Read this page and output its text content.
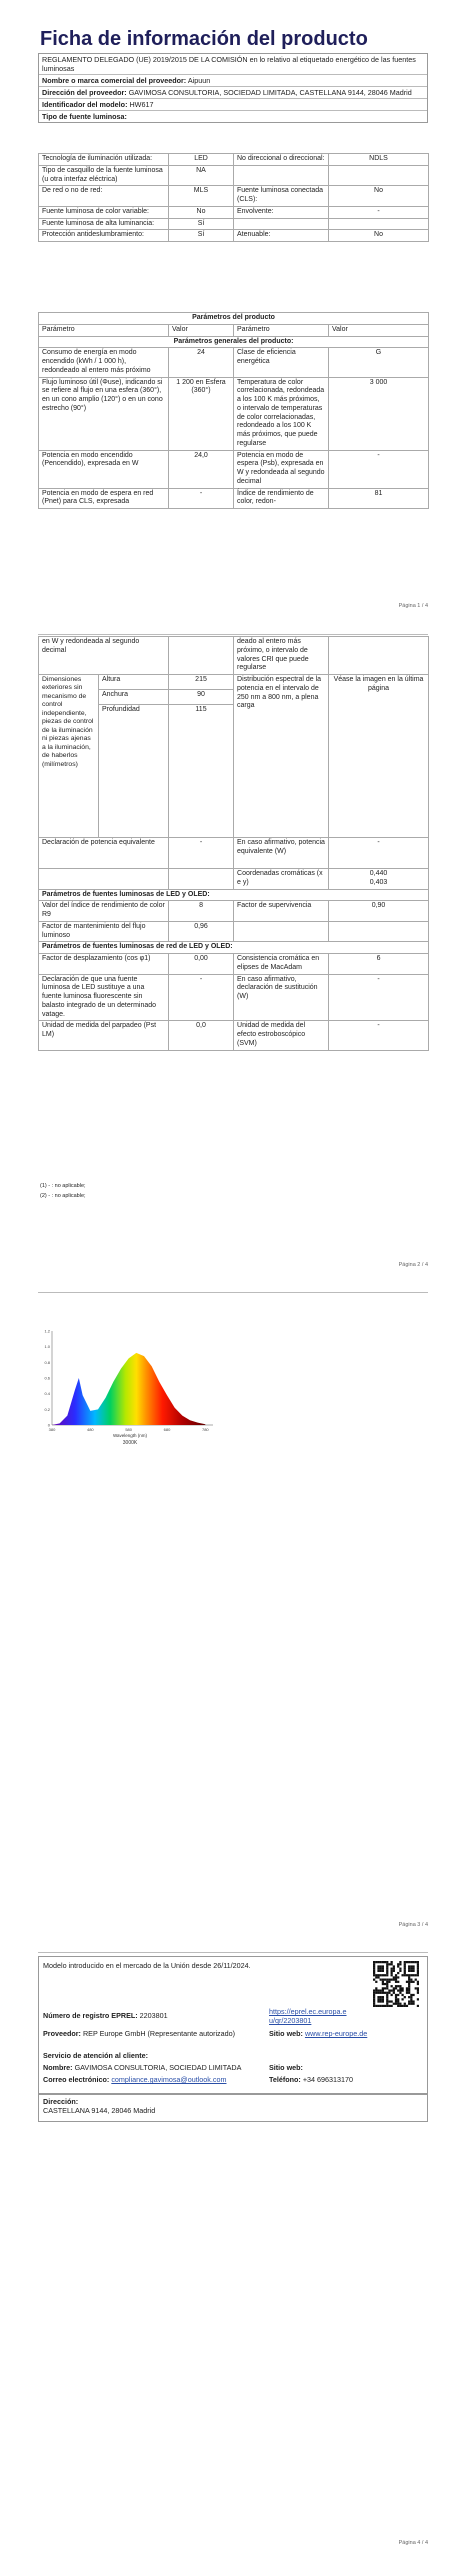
Ficha de información del producto
REGLAMENTO DELEGADO (UE) 2019/2015 DE LA COMISIÓN en lo relativo al etiquetado energético de las fuentes luminosas
Nombre o marca comercial del proveedor: Aipuun
Dirección del proveedor: GAVIMOSA CONSULTORIA, SOCIEDAD LIMITADA, CASTELLANA 9144, 28046 Madrid
Identificador del modelo: HW617
Tipo de fuente luminosa:
Tecnología de iluminación utilizada:	LED	No direccional o direccional:	NDLS
Tipo de casquillo de la fuente luminosa (u otra interfaz eléctrica)	NA		
De red o no de red:	MLS	Fuente luminosa conectada (CLS):	No
Fuente luminosa de color variable:	No	Envolvente:	-
Fuente luminosa de alta luminancia:	Sí		
Protección antideslumbramiento:	Sí	Atenuable:	No
Parámetros del producto			
Parámetro	Valor	Parámetro	Valor
Parámetros generales del producto:			
Consumo de energía en modo encendido (kWh / 1 000 h), redondeado al entero más próximo	24	Clase de eficiencia energética	G
Flujo luminoso útil (Φuse), indicando si se refiere al flujo en una esfera (360°), en un cono amplio (120°) o en un cono estrecho (90°)	1 200 en Esfera (360°)	Temperatura de color correlacionada, redondeada a los 100 K más próximos, o intervalo de temperaturas de color correlacionadas, redondeado a los 100 K más próximos, que puede regularse	3 000
Potencia en modo encendido (Pencendido), expresada en W	24,0	Potencia en modo de espera (Psb), expresada en W y redondeada al segundo decimal	-
Potencia en modo de espera en red (Pnet) para CLS, expresada	-	Índice de rendimiento de color, redon-	81
Página 1 / 4
en W y redondeada al segundo decimal			deado al entero más próximo, o intervalo de valores CRI que puede regularse	
Dimensiones exteriores sin mecanismo de control independiente, piezas de control de la iluminación ni piezas ajenas a la iluminación, de haberlos (milímetros)	Altura	215	Distribución espectral de la potencia en el intervalo de 250 nm a 800 nm, a plena carga	Véase la imagen en la última página
	Anchura	90		
	Profundidad	115		
Declaración de potencia equivalente		-	En caso afirmativo, potencia equivalente (W)	-
			Coordenadas cromáticas (x e y)	0,440
0,403
Parámetros de fuentes luminosas de LED y OLED:				
Valor del índice de rendimiento de color R9		8	Factor de supervivencia	0,90
Factor de mantenimiento del flujo luminoso		0,96		
Parámetros de fuentes luminosas de red de LED y OLED:				
Factor de desplazamiento (cos φ1)		0,00	Consistencia cromática en elipses de MacAdam	6
Declaración de que una fuente luminosa de LED sustituye a una fuente luminosa fluorescente sin balasto integrado de un determinado vatage.		-	En caso afirmativo, declaración de sustitución (W)	-
Unidad de medida del parpadeo (Pst LM)		0,0	Unidad de medida del efecto estroboscópico (SVM)	-
(1) - : no aplicable;
(2) - : no aplicable;
Página 2 / 4
380	480	580	680	780
0
0.2
0.4
0.6
0.8
1.0
1.2
Wavelength (nm)
3000K
Página 3 / 4
Modelo introducido en el mercado de la Unión desde 26/11/2024.
Número de registro EPREL: 2203801	https://eprel.ec.europa.eu/qr/2203801
Proveedor: REP Europe GmbH (Representante autorizado)	Sitio web: www.rep-europe.de
Servicio de atención al cliente:
Nombre: GAVIMOSA CONSULTORIA, SOCIEDAD LIMITADA	Sitio web:
Correo electrónico: compliance.gavimosa@outlook.com	Teléfono: +34 696313170
Dirección:
CASTELLANA 9144, 28046 Madrid
Página 4 / 4
